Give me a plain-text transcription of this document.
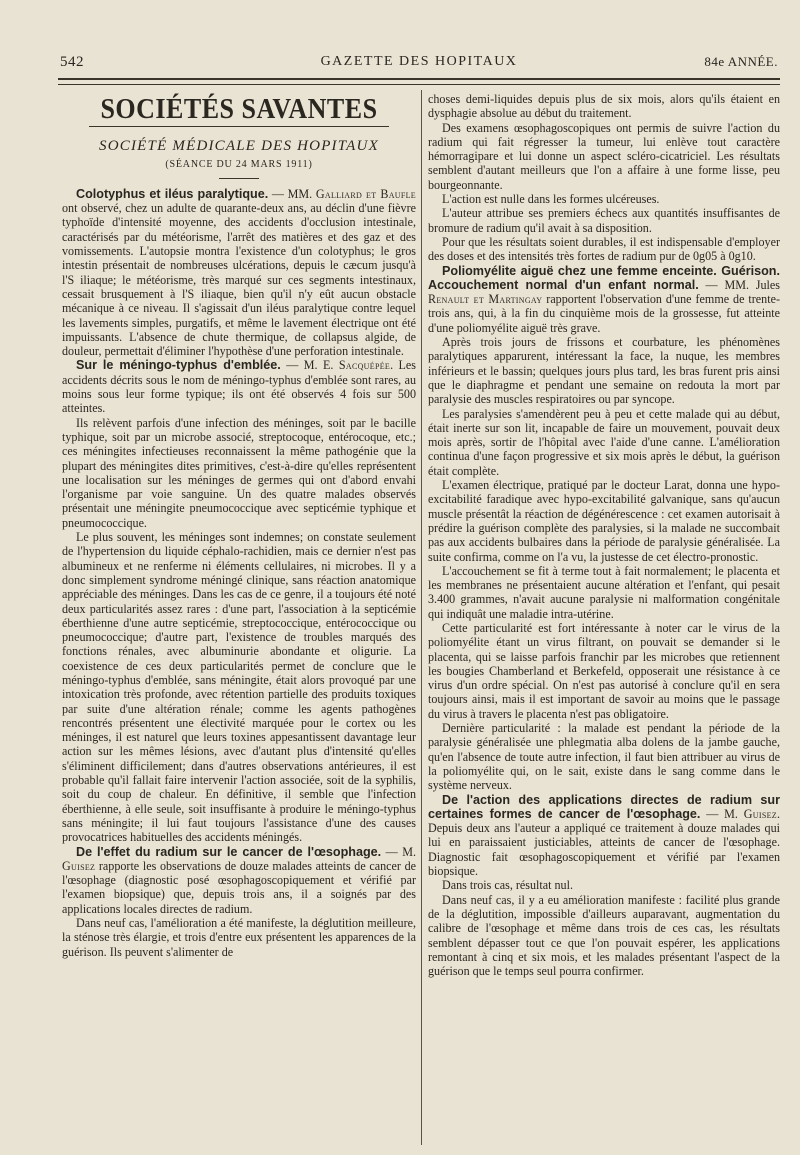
542	GAZETTE DES HOPITAUX	84e ANNÉE.
SOCIÉTÉS SAVANTES
SOCIÉTÉ MÉDICALE DES HOPITAUX
(SÉANCE DU 24 MARS 1911)

Colotyphus et iléus paralytique. — MM. Galliard et Baufle ont observé, chez un adulte de quarante-deux ans, au déclin d'une fièvre typhoïde d'intensité moyenne, des accidents d'occlusion intestinale, caractérisés par du météorisme, l'arrêt des matières et des gaz et des vomissements. L'autopsie montra l'existence d'un colotyphus; le gros intestin présentait de nombreuses ulcérations, depuis le cæcum jusqu'à l'S iliaque; le météorisme, très marqué sur ces segments intestinaux, cessait brusquement à l'S iliaque, bien qu'il n'y eût aucun obstacle mécanique à ce niveau. Il s'agissait d'un iléus paralytique contre lequel les lavements simples, purgatifs, et même le lavement électrique ont été impuissants. L'absence de chute thermique, de collapsus algide, de douleur, permettait d'éliminer l'hypothèse d'une perforation intestinale.

Sur le méningo-typhus d'emblée. — M. E. Sacquépée. Les accidents décrits sous le nom de méningo-typhus d'emblée sont rares, au moins sous leur forme typique; ils ont été observés 4 fois sur 500 atteintes.

Ils relèvent parfois d'une infection des méninges, soit par le bacille typhique, soit par un microbe associé, streptocoque, entérocoque, etc.; ces méningites infectieuses reconnaissent la même pathogénie que la plupart des méningites dites primitives, c'est-à-dire qu'elles représentent une localisation sur les méninges de germes qui ont d'abord envahi l'organisme par voie sanguine. Un des quatre malades observés présentait une méningite pneumococcique avec septicémie typhique et pneumococcique.

Le plus souvent, les méninges sont indemnes; on constate seulement de l'hypertension du liquide céphalo-rachidien, mais ce dernier n'est pas albumineux et ne renferme ni éléments cellulaires, ni microbes. Il y a donc simplement syndrome méningé clinique, sans réaction anatomique appréciable des méninges. Dans les cas de ce genre, il a toujours été noté deux particularités assez rares : d'une part, l'association à la septicémie éberthienne d'une autre septicémie, streptococcique, entérococcique ou pneumococcique; d'autre part, l'existence de troubles marqués des fonctions rénales, avec albuminurie abondante et oligurie. La coexistence de ces deux particularités permet de conclure que le méningo-typhus d'emblée, sans méningite, était alors provoqué par une intoxication très profonde, avec rétention partielle des produits toxiques par suite d'une altération rénale; comme les agents pathogènes rencontrés présentent une électivité marquée pour le cortex ou les méninges, il est naturel que leurs toxines appesantissent davantage leur action sur les mêmes lésions, avec d'autant plus d'intensité qu'elles s'éliminent difficilement; dans d'autres observations antérieures, il est probable qu'il fallait faire intervenir l'action associée, soit de la syphilis, soit du coup de chaleur. En définitive, il semble que l'infection éberthienne, à elle seule, soit insuffisante à produire le méningo-typhus sans méningite; il lui faut toujours l'assistance d'une des causes provocatrices habituelles des accidents méningés.

De l'effet du radium sur le cancer de l'œsophage. — M. Guisez rapporte les observations de douze malades atteints de cancer de l'œsophage (diagnostic posé œsophagoscopiquement et vérifié par l'examen biopsique) que, depuis trois ans, il a soignés par des applications locales directes de radium.

Dans neuf cas, l'amélioration a été manifeste, la déglutition meilleure, la sténose très élargie, et trois d'entre eux présentent les apparences de la guérison. Ils peuvent s'alimenter de

choses demi-liquides depuis plus de six mois, alors qu'ils étaient en dysphagie absolue au début du traitement.

Des examens œsophagoscopiques ont permis de suivre l'action du radium qui fait régresser la tumeur, lui enlève tout caractère hémorragipare et lui donne un aspect scléro-cicatriciel. Les résultats semblent d'autant meilleurs que l'on a affaire à une forme lisse, peu bourgeonnante.

L'action est nulle dans les formes ulcéreuses.

L'auteur attribue ses premiers échecs aux quantités insuffisantes de bromure de radium qu'il avait à sa disposition.

Pour que les résultats soient durables, il est indispensable d'employer des doses et des intensités très fortes de radium pur de 0g05 à 0g10.

Poliomyélite aiguë chez une femme enceinte. Guérison. Accouchement normal d'un enfant normal. — MM. Jules Renault et Martingay rapportent l'observation d'une femme de trente-trois ans, qui, à la fin du cinquième mois de la grossesse, fut atteinte d'une poliomyélite aiguë très grave.

Après trois jours de frissons et courbature, les phénomènes paralytiques apparurent, intéressant la face, la nuque, les membres inférieurs et le bassin; quelques jours plus tard, les bras furent pris ainsi que le diaphragme et pendant une semaine on redouta la mort par paralysie des muscles respiratoires ou par syncope.

Les paralysies s'amendèrent peu à peu et cette malade qui au début, était inerte sur son lit, incapable de faire un mouvement, pouvait deux mois après, sortir de l'hôpital avec l'aide d'une canne. L'amélioration continua d'une façon progressive et six mois après le début, la guérison était complète.

L'examen électrique, pratiqué par le docteur Larat, donna une hypo-excitabilité faradique avec hypo-excitabilité galvanique, sans qu'aucun muscle présentât la réaction de dégénérescence : cet examen autorisait à prédire la guérison complète des paralysies, si la malade ne succombait pas aux accidents bulbaires dans la période de paralysie généralisée. La suite confirma, comme on l'a vu, la justesse de cet électro-pronostic.

L'accouchement se fit à terme tout à fait normalement; le placenta et les membranes ne présentaient aucune altération et l'enfant, qui pesait 3.400 grammes, n'avait aucune paralysie ni malformation congénitale qui indiquât une maladie intra-utérine.

Cette particularité est fort intéressante à noter car le virus de la poliomyélite étant un virus filtrant, on pouvait se demander si le placenta, qui se laisse parfois franchir par les microbes que retiennent les bougies Chamberland et Berkefeld, opposerait une résistance à ce virus d'un ordre spécial. On n'est pas autorisé à conclure qu'il en sera toujours ainsi, mais il est important de savoir au moins que le passage du virus à travers le placenta n'est pas obligatoire.

Dernière particularité : la malade est pendant la période de la paralysie généralisée une phlegmatia alba dolens de la jambe gauche, qu'en l'absence de toute autre infection, il faut bien attribuer au virus de la poliomyélite qui, on le sait, existe dans le sang comme dans le système nerveux.

De l'action des applications directes de radium sur certaines formes de cancer de l'œsophage. — M. Guisez. Depuis deux ans l'auteur a appliqué ce traitement à douze malades qui lui en paraissaient justiciables, atteints de cancer de l'œsophage. Diagnostic fait œsophagoscopiquement et vérifié par l'examen biopsique.

Dans trois cas, résultat nul.

Dans neuf cas, il y a eu amélioration manifeste : facilité plus grande de la déglutition, impossible d'ailleurs auparavant, augmentation du calibre de l'œsophage et même dans trois de ces cas, les résultats semblent dépasser tout ce que l'on pouvait espérer, les applications remontant à cinq et six mois, et les malades présentant l'aspect de la guérison que le temps seul pourra confirmer.
